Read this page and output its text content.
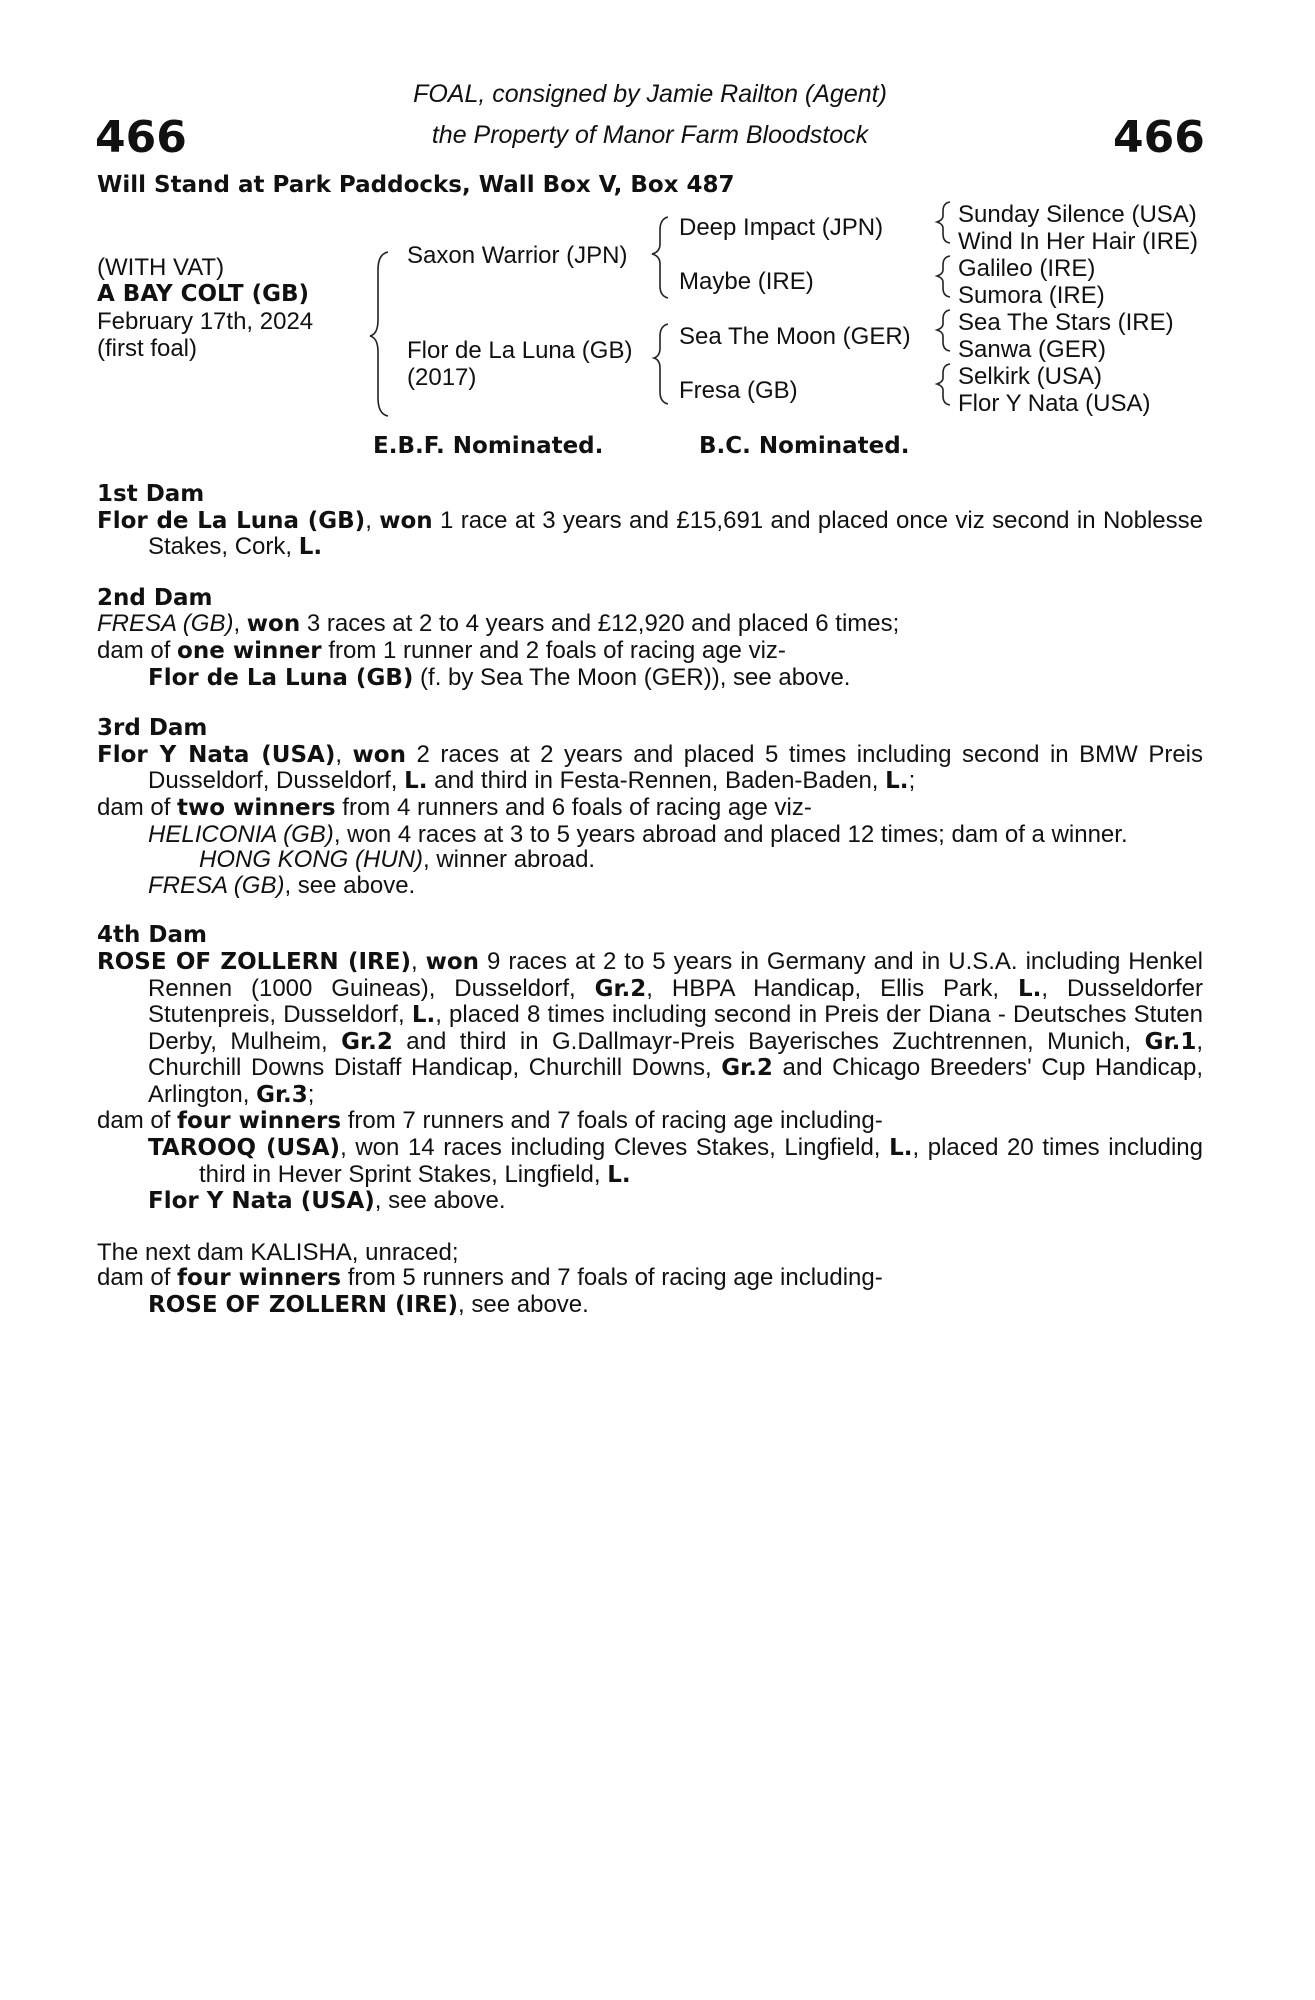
466	466
FOAL, consigned by Jamie Railton (Agent)
the Property of Manor Farm Bloodstock
Will Stand at Park Paddocks, Wall Box V, Box 487
(WITH VAT)
A BAY COLT (GB)
February 17th, 2024
(first foal)
Saxon Warrior (JPN)
Flor de La Luna (GB)
(2017)
Deep Impact (JPN)
Maybe (IRE)
Sea The Moon (GER)
Fresa (GB)
Sunday Silence (USA)
Wind In Her Hair (IRE)
Galileo (IRE)
Sumora (IRE)
Sea The Stars (IRE)
Sanwa (GER)
Selkirk (USA)
Flor Y Nata (USA)
E.B.F. Nominated.	B.C. Nominated.
1st Dam

Flor de La Luna (GB), won 1 race at 3 years and £15,691 and placed once viz second in Noblesse Stakes, Cork, L.

2nd Dam

FRESA (GB), won 3 races at 2 to 4 years and £12,920 and placed 6 times;

dam of one winner from 1 runner and 2 foals of racing age viz-

Flor de La Luna (GB) (f. by Sea The Moon (GER)), see above.

3rd Dam

Flor Y Nata (USA), won 2 races at 2 years and placed 5 times including second in BMW Preis Dusseldorf, Dusseldorf, L. and third in Festa-Rennen, Baden-Baden, L.;

dam of two winners from 4 runners and 6 foals of racing age viz-

HELICONIA (GB), won 4 races at 3 to 5 years abroad and placed 12 times; dam of a winner.

HONG KONG (HUN), winner abroad.

FRESA (GB), see above.

4th Dam

ROSE OF ZOLLERN (IRE), won 9 races at 2 to 5 years in Germany and in U.S.A. including Henkel Rennen (1000 Guineas), Dusseldorf, Gr.2, HBPA Handicap, Ellis Park, L., Dusseldorfer Stutenpreis, Dusseldorf, L., placed 8 times including second in Preis der Diana - Deutsches Stuten Derby, Mulheim, Gr.2 and third in G.Dallmayr-Preis Bayerisches Zuchtrennen, Munich, Gr.1, Churchill Downs Distaff Handicap, Churchill Downs, Gr.2 and Chicago Breeders' Cup Handicap, Arlington, Gr.3;

dam of four winners from 7 runners and 7 foals of racing age including-

TAROOQ (USA), won 14 races including Cleves Stakes, Lingfield, L., placed 20 times including third in Hever Sprint Stakes, Lingfield, L.

Flor Y Nata (USA), see above.

The next dam KALISHA, unraced;

dam of four winners from 5 runners and 7 foals of racing age including-

ROSE OF ZOLLERN (IRE), see above.
